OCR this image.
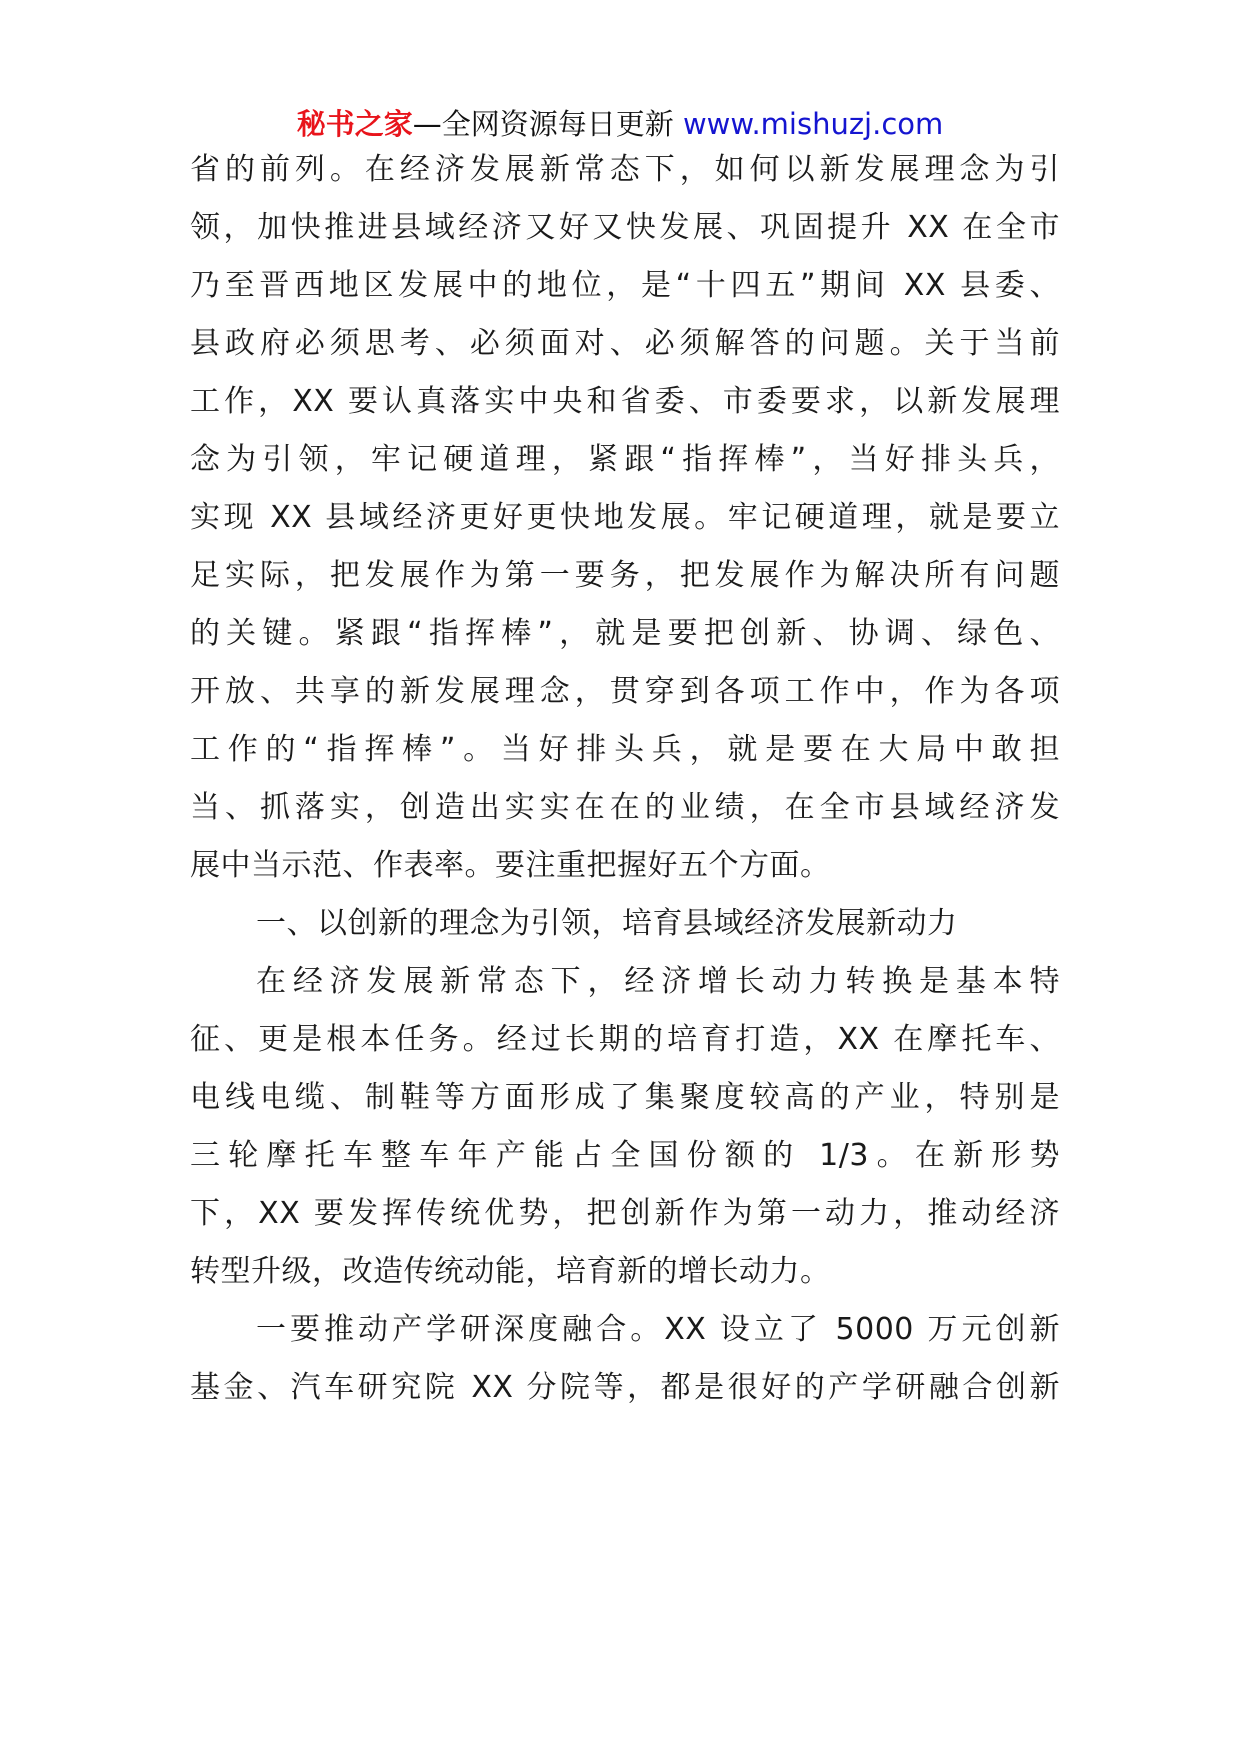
秘书之家—全网资源每日更新 www.mishuzj.com
省的前列。在经济发展新常态下，如何以新发展理念为引
领，加快推进县域经济又好又快发展、巩固提升 XX 在全市
乃至晋西地区发展中的地位，是“十四五”期间 XX 县委、
县政府必须思考、必须面对、必须解答的问题。关于当前
工作，XX 要认真落实中央和省委、市委要求，以新发展理
念为引领，牢记硬道理，紧跟“指挥棒”，当好排头兵，
实现 XX 县域经济更好更快地发展。牢记硬道理，就是要立
足实际，把发展作为第一要务，把发展作为解决所有问题
的关键。紧跟“指挥棒”，就是要把创新、协调、绿色、
开放、共享的新发展理念，贯穿到各项工作中，作为各项
工作的“指挥棒”。当好排头兵，就是要在大局中敢担
当、抓落实，创造出实实在在的业绩，在全市县域经济发
展中当示范、作表率。要注重把握好五个方面。
一、以创新的理念为引领，培育县域经济发展新动力
在经济发展新常态下，经济增长动力转换是基本特
征、更是根本任务。经过长期的培育打造，XX 在摩托车、
电线电缆、制鞋等方面形成了集聚度较高的产业，特别是
三轮摩托车整车年产能占全国份额的 1/3。在新形势
下，XX 要发挥传统优势，把创新作为第一动力，推动经济
转型升级，改造传统动能，培育新的增长动力。
一要推动产学研深度融合。XX 设立了 5000 万元创新
基金、汽车研究院 XX 分院等，都是很好的产学研融合创新
